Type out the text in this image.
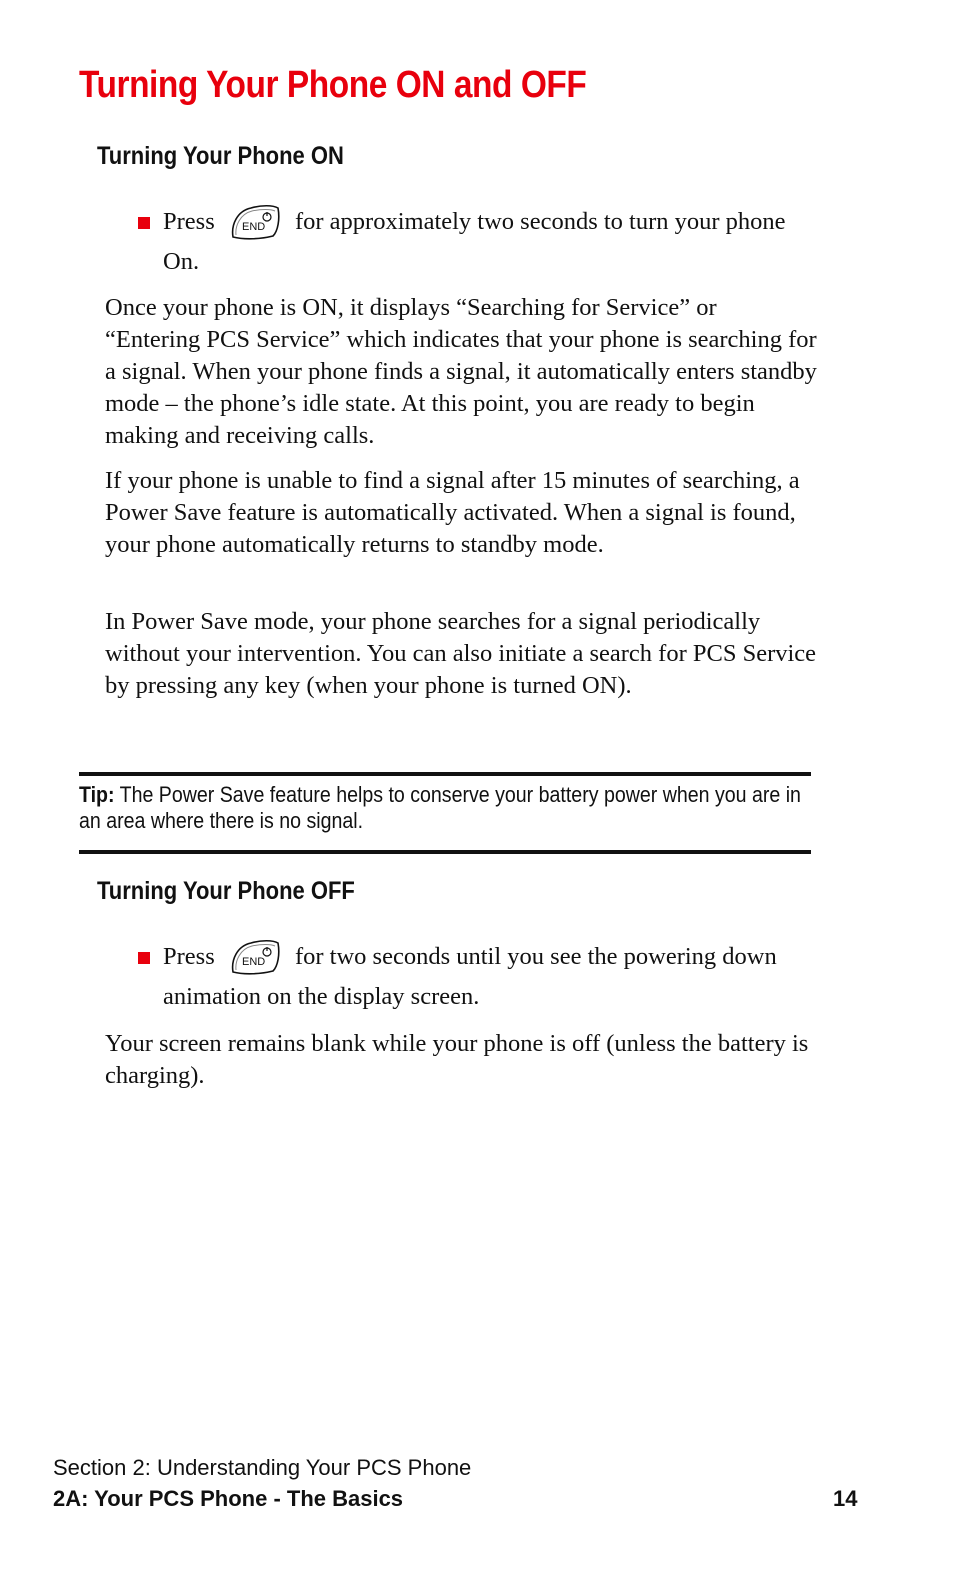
Turning Your Phone ON and OFF
Turning Your Phone ON
Press END for approximately two seconds to turn your phone On.

Once your phone is ON, it displays “Searching for Service” or “Entering PCS Service” which indicates that your phone is searching for a signal. When your phone finds a signal, it automatically enters standby mode – the phone’s idle state. At this point, you are ready to begin making and receiving calls.

If your phone is unable to find a signal after 15 minutes of searching, a Power Save feature is automatically activated. When a signal is found, your phone automatically returns to standby mode.

In Power Save mode, your phone searches for a signal periodically without your intervention. You can also initiate a search for PCS Service by pressing any key (when your phone is turned ON).

Tip: The Power Save feature helps to conserve your battery power when you are in an area where there is no signal.
Turning Your Phone OFF
Press END for two seconds until you see the powering down animation on the display screen.

Your screen remains blank while your phone is off (unless the battery is charging).

Section 2: Understanding Your PCS Phone
2A: Your PCS Phone - The Basics	14
